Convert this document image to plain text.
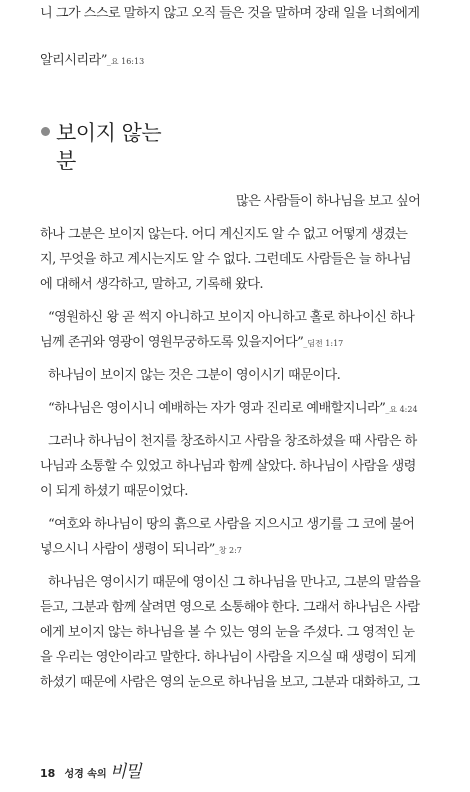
니 그가 스스로 말하지 않고 오직 들은 것을 말하며 장래 일을 너희에게
알리시리라”_요 16:13
보이지 않는
분
많은 사람들이 하나님을 보고 싶어
하나 그분은 보이지 않는다. 어디 계신지도 알 수 없고 어떻게 생겼는
지, 무엇을 하고 계시는지도 알 수 없다. 그런데도 사람들은 늘 하나님
에 대해서 생각하고, 말하고, 기록해 왔다.
“영원하신 왕 곧 썩지 아니하고 보이지 아니하고 홀로 하나이신 하나
님께 존귀와 영광이 영원무궁하도록 있을지어다”_딤전 1:17
하나님이 보이지 않는 것은 그분이 영이시기 때문이다.
“하나님은 영이시니 예배하는 자가 영과 진리로 예배할지니라”_요 4:24
그러나 하나님이 천지를 창조하시고 사람을 창조하셨을 때 사람은 하
나님과 소통할 수 있었고 하나님과 함께 살았다. 하나님이 사람을 생령
이 되게 하셨기 때문이었다.
“여호와 하나님이 땅의 흙으로 사람을 지으시고 생기를 그 코에 불어
넣으시니 사람이 생령이 되니라”_창 2:7
하나님은 영이시기 때문에 영이신 그 하나님을 만나고, 그분의 말씀을
듣고, 그분과 함께 살려면 영으로 소통해야 한다. 그래서 하나님은 사람
에게 보이지 않는 하나님을 볼 수 있는 영의 눈을 주셨다. 그 영적인 눈
을 우리는 영안이라고 말한다. 하나님이 사람을 지으실 때 생령이 되게
하셨기 때문에 사람은 영의 눈으로 하나님을 보고, 그분과 대화하고, 그
18 성경 속의 비밀
